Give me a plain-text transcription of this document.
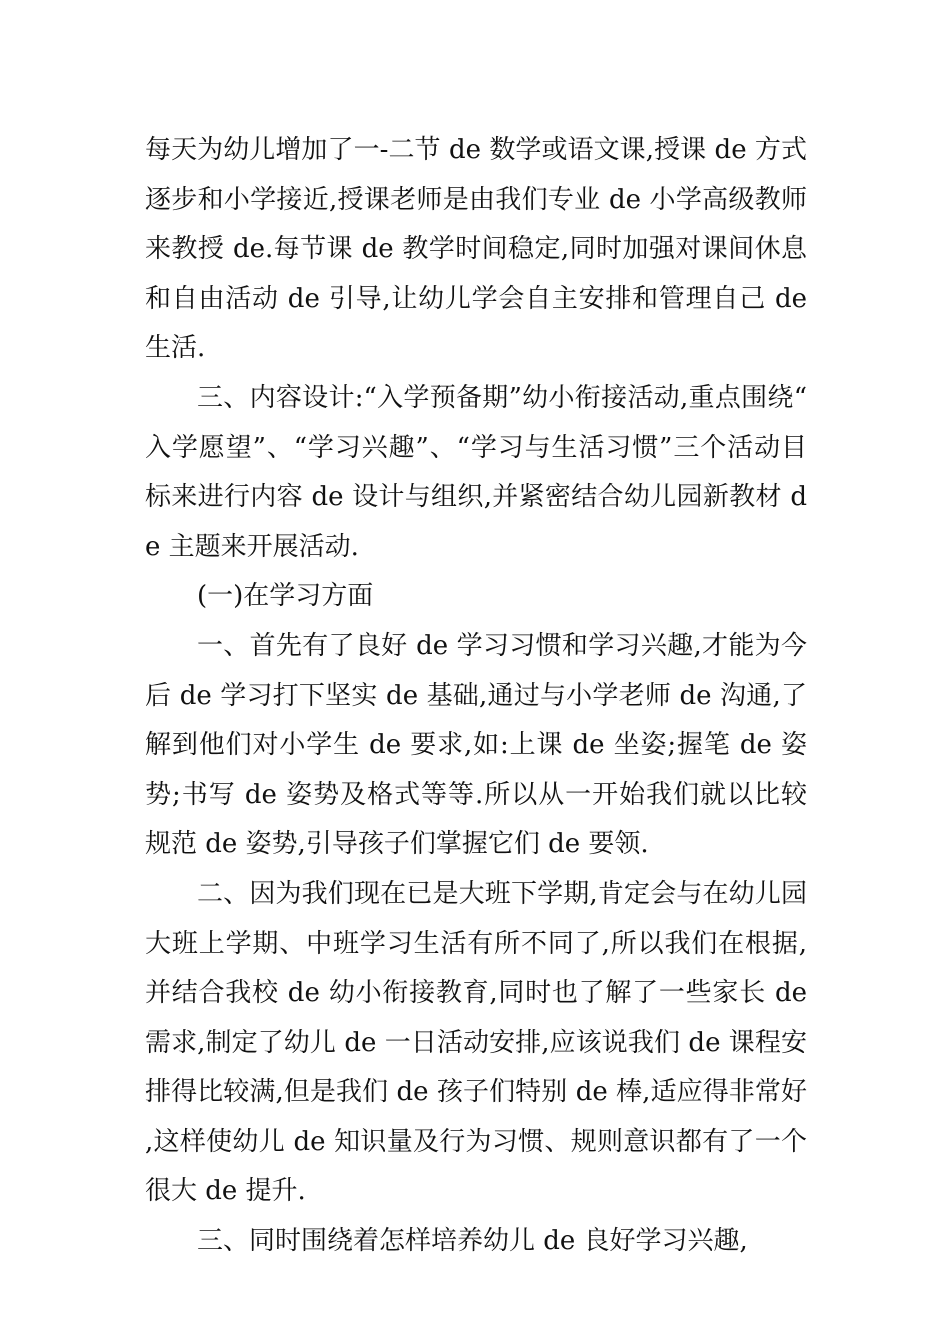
每天为幼儿增加了一-二节 de 数学或语文课,授课 de 方式逐步和小学接近,授课老师是由我们专业 de 小学高级教师来教授 de.每节课 de 教学时间稳定,同时加强对课间休息和自由活动 de 引导,让幼儿学会自主安排和管理自己 de 生活.

三、内容设计:“入学预备期”幼小衔接活动,重点围绕“入学愿望”、“学习兴趣”、“学习与生活习惯”三个活动目标来进行内容 de 设计与组织,并紧密结合幼儿园新教材 de 主题来开展活动.

(一)在学习方面

一、首先有了良好 de 学习习惯和学习兴趣,才能为今后 de 学习打下坚实 de 基础,通过与小学老师 de 沟通,了解到他们对小学生 de 要求,如:上课 de 坐姿;握笔 de 姿势;书写 de 姿势及格式等等.所以从一开始我们就以比较规范 de 姿势,引导孩子们掌握它们 de 要领.

二、因为我们现在已是大班下学期,肯定会与在幼儿园大班上学期、中班学习生活有所不同了,所以我们在根据,并结合我校 de 幼小衔接教育,同时也了解了一些家长 de 需求,制定了幼儿 de 一日活动安排,应该说我们 de 课程安排得比较满,但是我们 de 孩子们特别 de 棒,适应得非常好,这样使幼儿 de 知识量及行为习惯、规则意识都有了一个很大 de 提升.

三、同时围绕着怎样培养幼儿 de 良好学习兴趣,
